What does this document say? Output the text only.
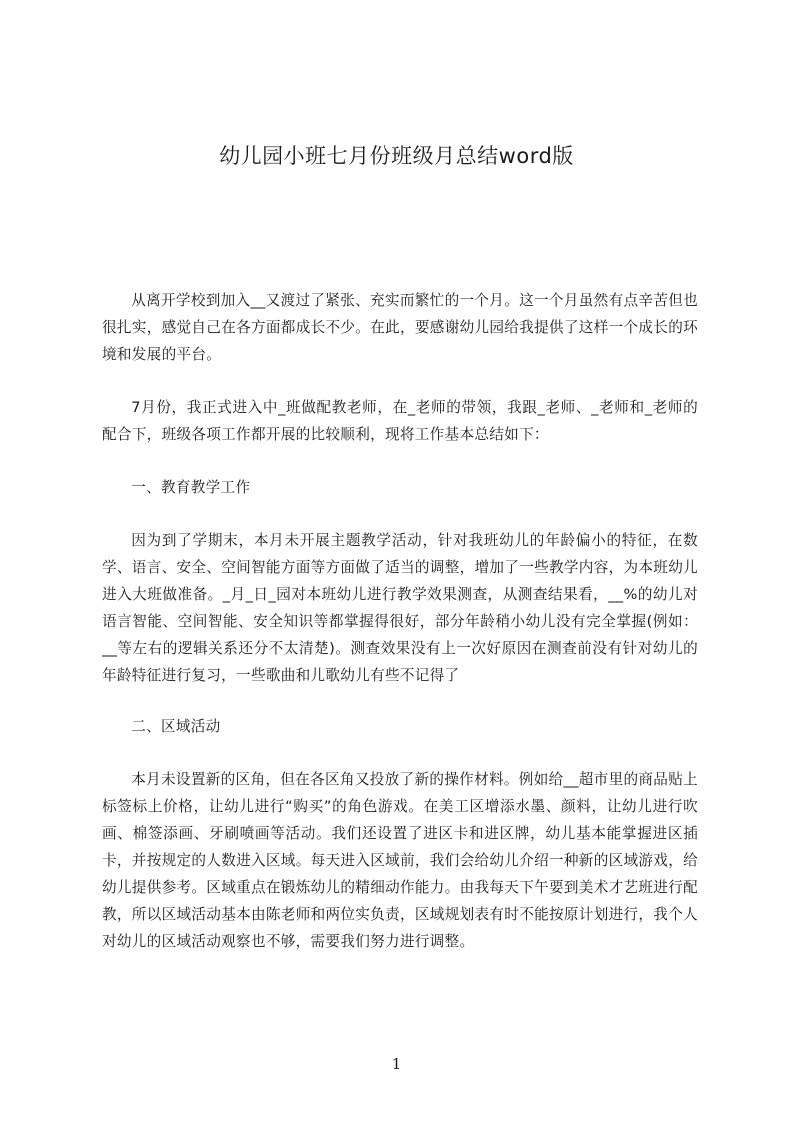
幼儿园小班七月份班级月总结word版
从离开学校到加入__又渡过了紧张、充实而繁忙的一个月。这一个月虽然有点辛苦但也很扎实，感觉自己在各方面都成长不少。在此，要感谢幼儿园给我提供了这样一个成长的环境和发展的平台。
7月份，我正式进入中_班做配教老师，在_老师的带领，我跟_老师、_老师和_老师的配合下，班级各项工作都开展的比较顺利，现将工作基本总结如下：
一、教育教学工作
因为到了学期末，本月未开展主题教学活动，针对我班幼儿的年龄偏小的特征，在数学、语言、安全、空间智能方面等方面做了适当的调整，增加了一些教学内容，为本班幼儿进入大班做准备。_月_日_园对本班幼儿进行教学效果测查，从测查结果看，__%的幼儿对语言智能、空间智能、安全知识等都掌握得很好，部分年龄稍小幼儿没有完全掌握(例如：__等左右的逻辑关系还分不太清楚)。测查效果没有上一次好原因在测查前没有针对幼儿的年龄特征进行复习，一些歌曲和儿歌幼儿有些不记得了
二、区域活动
本月未设置新的区角，但在各区角又投放了新的操作材料。例如给__超市里的商品贴上标签标上价格，让幼儿进行“购买”的角色游戏。在美工区增添水墨、颜料，让幼儿进行吹画、棉签添画、牙刷喷画等活动。我们还设置了进区卡和进区牌，幼儿基本能掌握进区插卡，并按规定的人数进入区域。每天进入区域前，我们会给幼儿介绍一种新的区域游戏，给幼儿提供参考。区域重点在锻炼幼儿的精细动作能力。由我每天下午要到美术才艺班进行配教，所以区域活动基本由陈老师和两位实负责，区域规划表有时不能按原计划进行，我个人对幼儿的区域活动观察也不够，需要我们努力进行调整。
1
